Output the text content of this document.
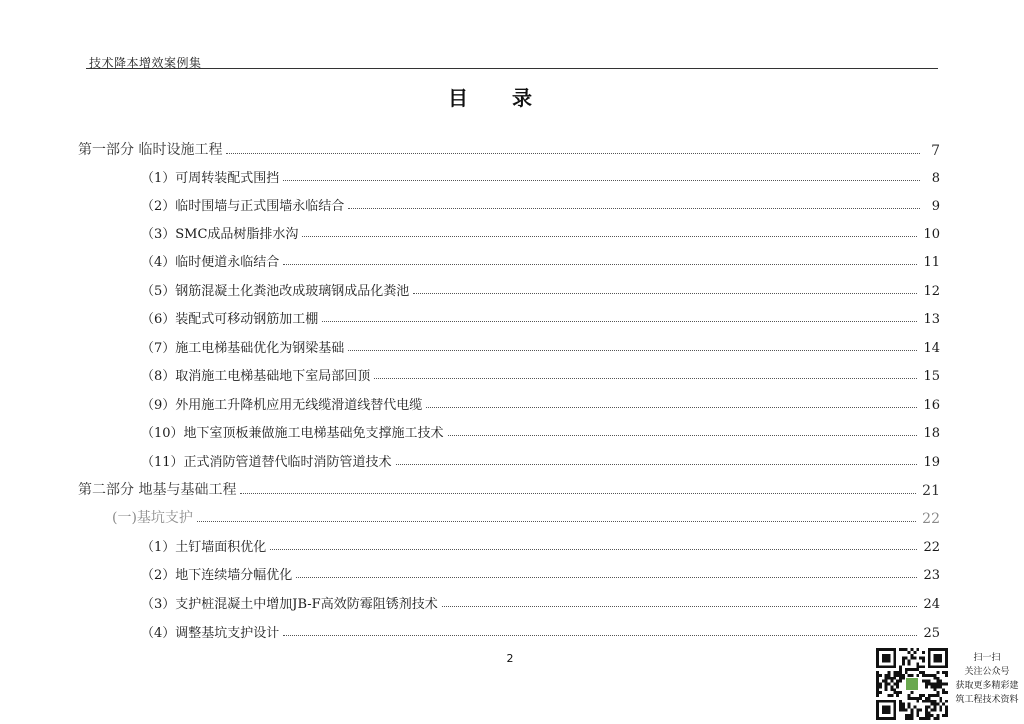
技术降本增效案例集
目录
第一部分 临时设施工程	7
（1）可周转装配式围挡	8
（2）临时围墙与正式围墙永临结合	9
（3）SMC成品树脂排水沟	10
（4）临时便道永临结合	11
（5）钢筋混凝土化粪池改成玻璃钢成品化粪池	12
（6）装配式可移动钢筋加工棚	13
（7）施工电梯基础优化为钢梁基础	14
（8）取消施工电梯基础地下室局部回顶	15
（9）外用施工升降机应用无线缆滑道线替代电缆	16
（10）地下室顶板兼做施工电梯基础免支撑施工技术	18
（11）正式消防管道替代临时消防管道技术	19
第二部分 地基与基础工程	21
(一)基坑支护	22
（1）土钉墙面积优化	22
（2）地下连续墙分幅优化	23
（3）支护桩混凝土中增加JB-F高效防霉阻锈剂技术	24
（4）调整基坑支护设计	25
2	扫一扫
关注公众号
获取更多精彩建
筑工程技术资料
